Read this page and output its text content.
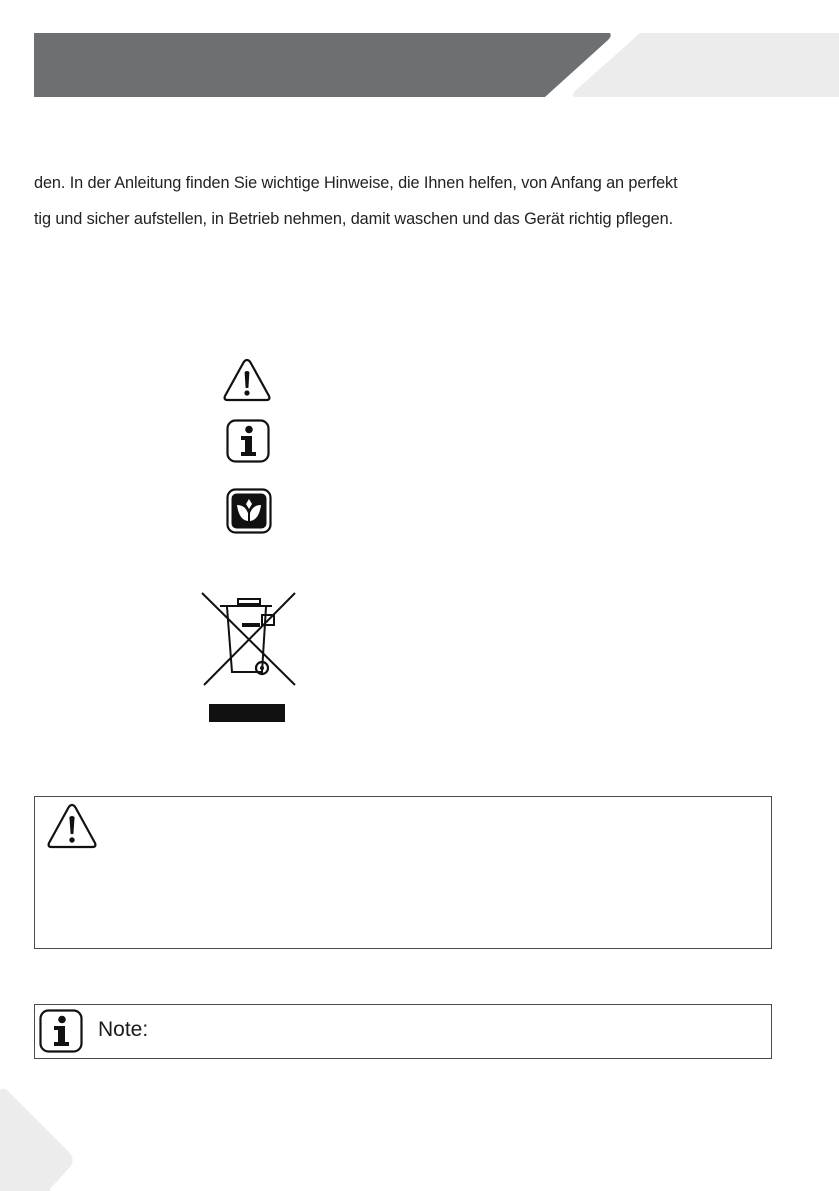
den. In der Anleitung finden Sie wichtige Hinweise, die Ihnen helfen, von Anfang an perfekt
tig und sicher aufstellen, in Betrieb nehmen, damit waschen und das Gerät richtig pflegen.
Note:
